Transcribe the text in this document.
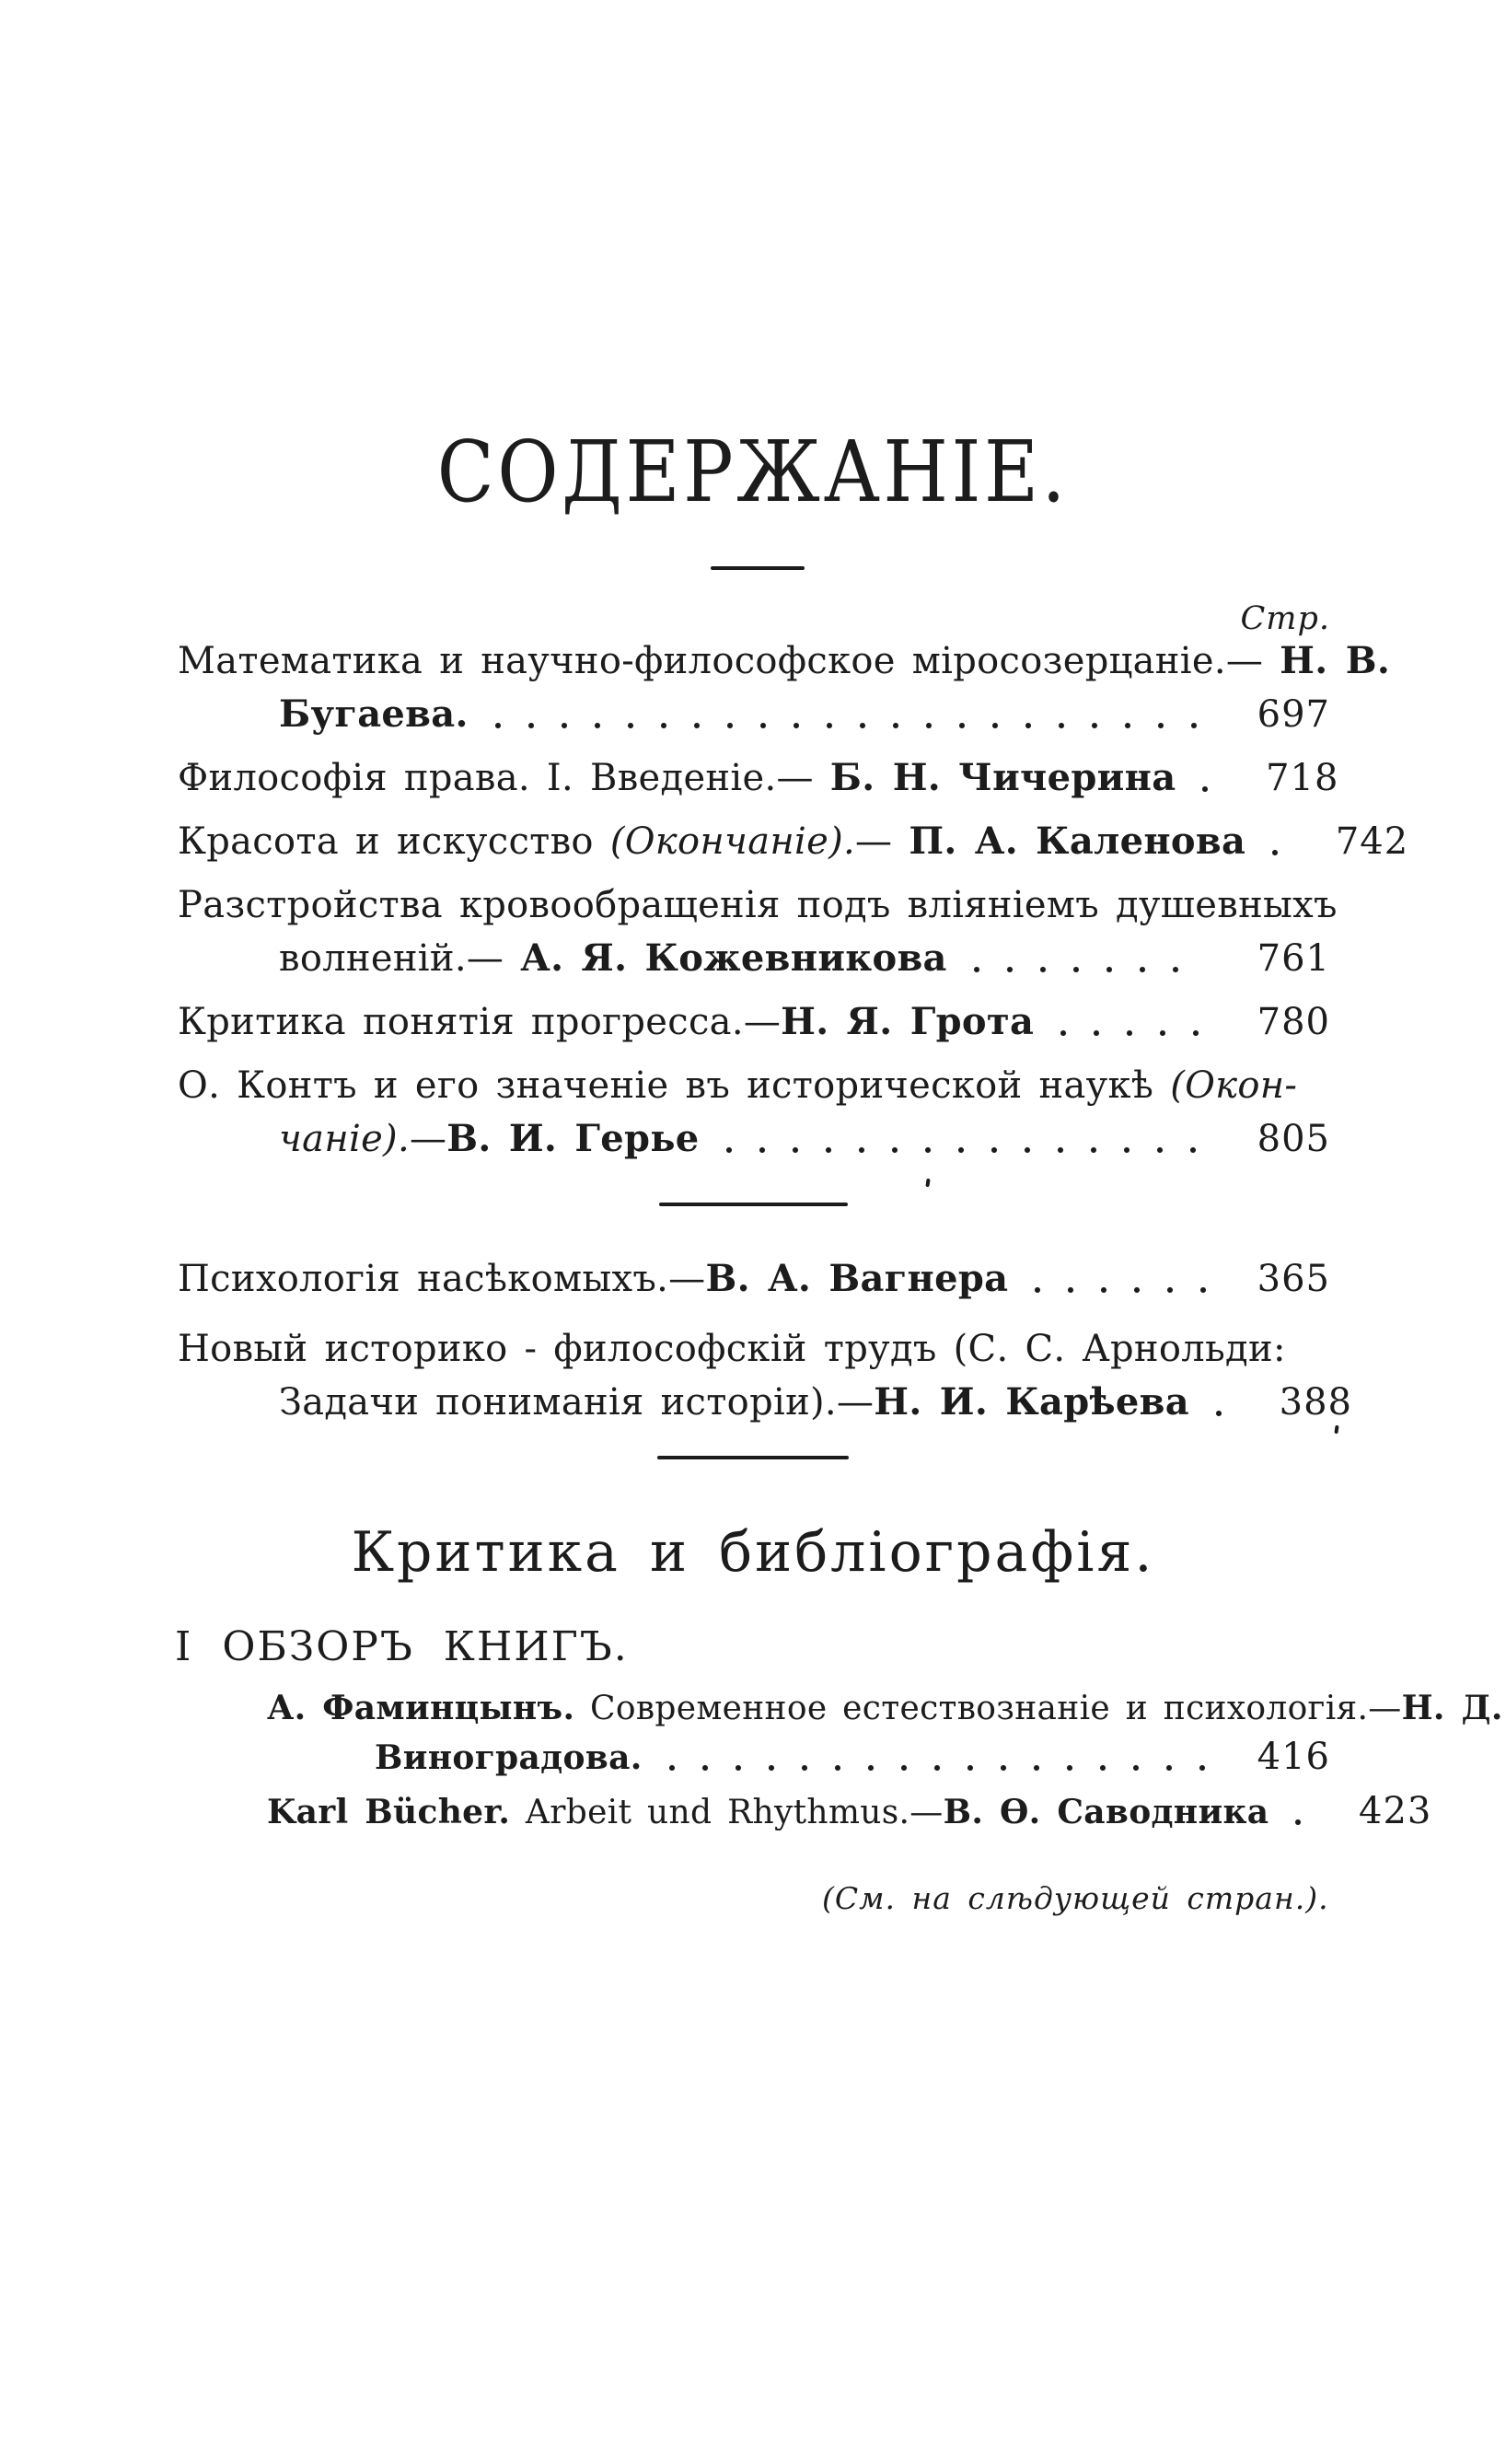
СОДЕРЖАНІЕ.
Стр.
Математика и научно-философское міросозерцаніе.— Н. В.
Бугаева.	697
Философія права. I. Введеніе.— Б. Н. Чичерина 718
Красота и искусство (Окончаніе).— П. А. Каленова 742
Разстройства кровообращенія подъ вліяніемъ душевныхъ
волненій.— А. Я. Кожевникова	761
Критика понятія прогресса.—Н. Я. Грота	780
О. Контъ и его значеніе въ исторической наукѣ (Окон-
чаніе).—В. И. Герье	805
Психологія насѣкомыхъ.—В. А. Вагнера	365
Новый историко - философскій трудъ (С. С. Арнольди:
Задачи пониманія исторіи).—Н. И. Карѣева 388
Критика и библіографія.
I ОБЗОРЪ КНИГЪ.
А. Фаминцынъ. Современное естествознаніе и психологія.—Н. Д.
Виноградова.	416
Karl Bücher. Arbeit und Rhythmus.—В. Ѳ. Саводника 423
(См. на слѣдующей стран.).
